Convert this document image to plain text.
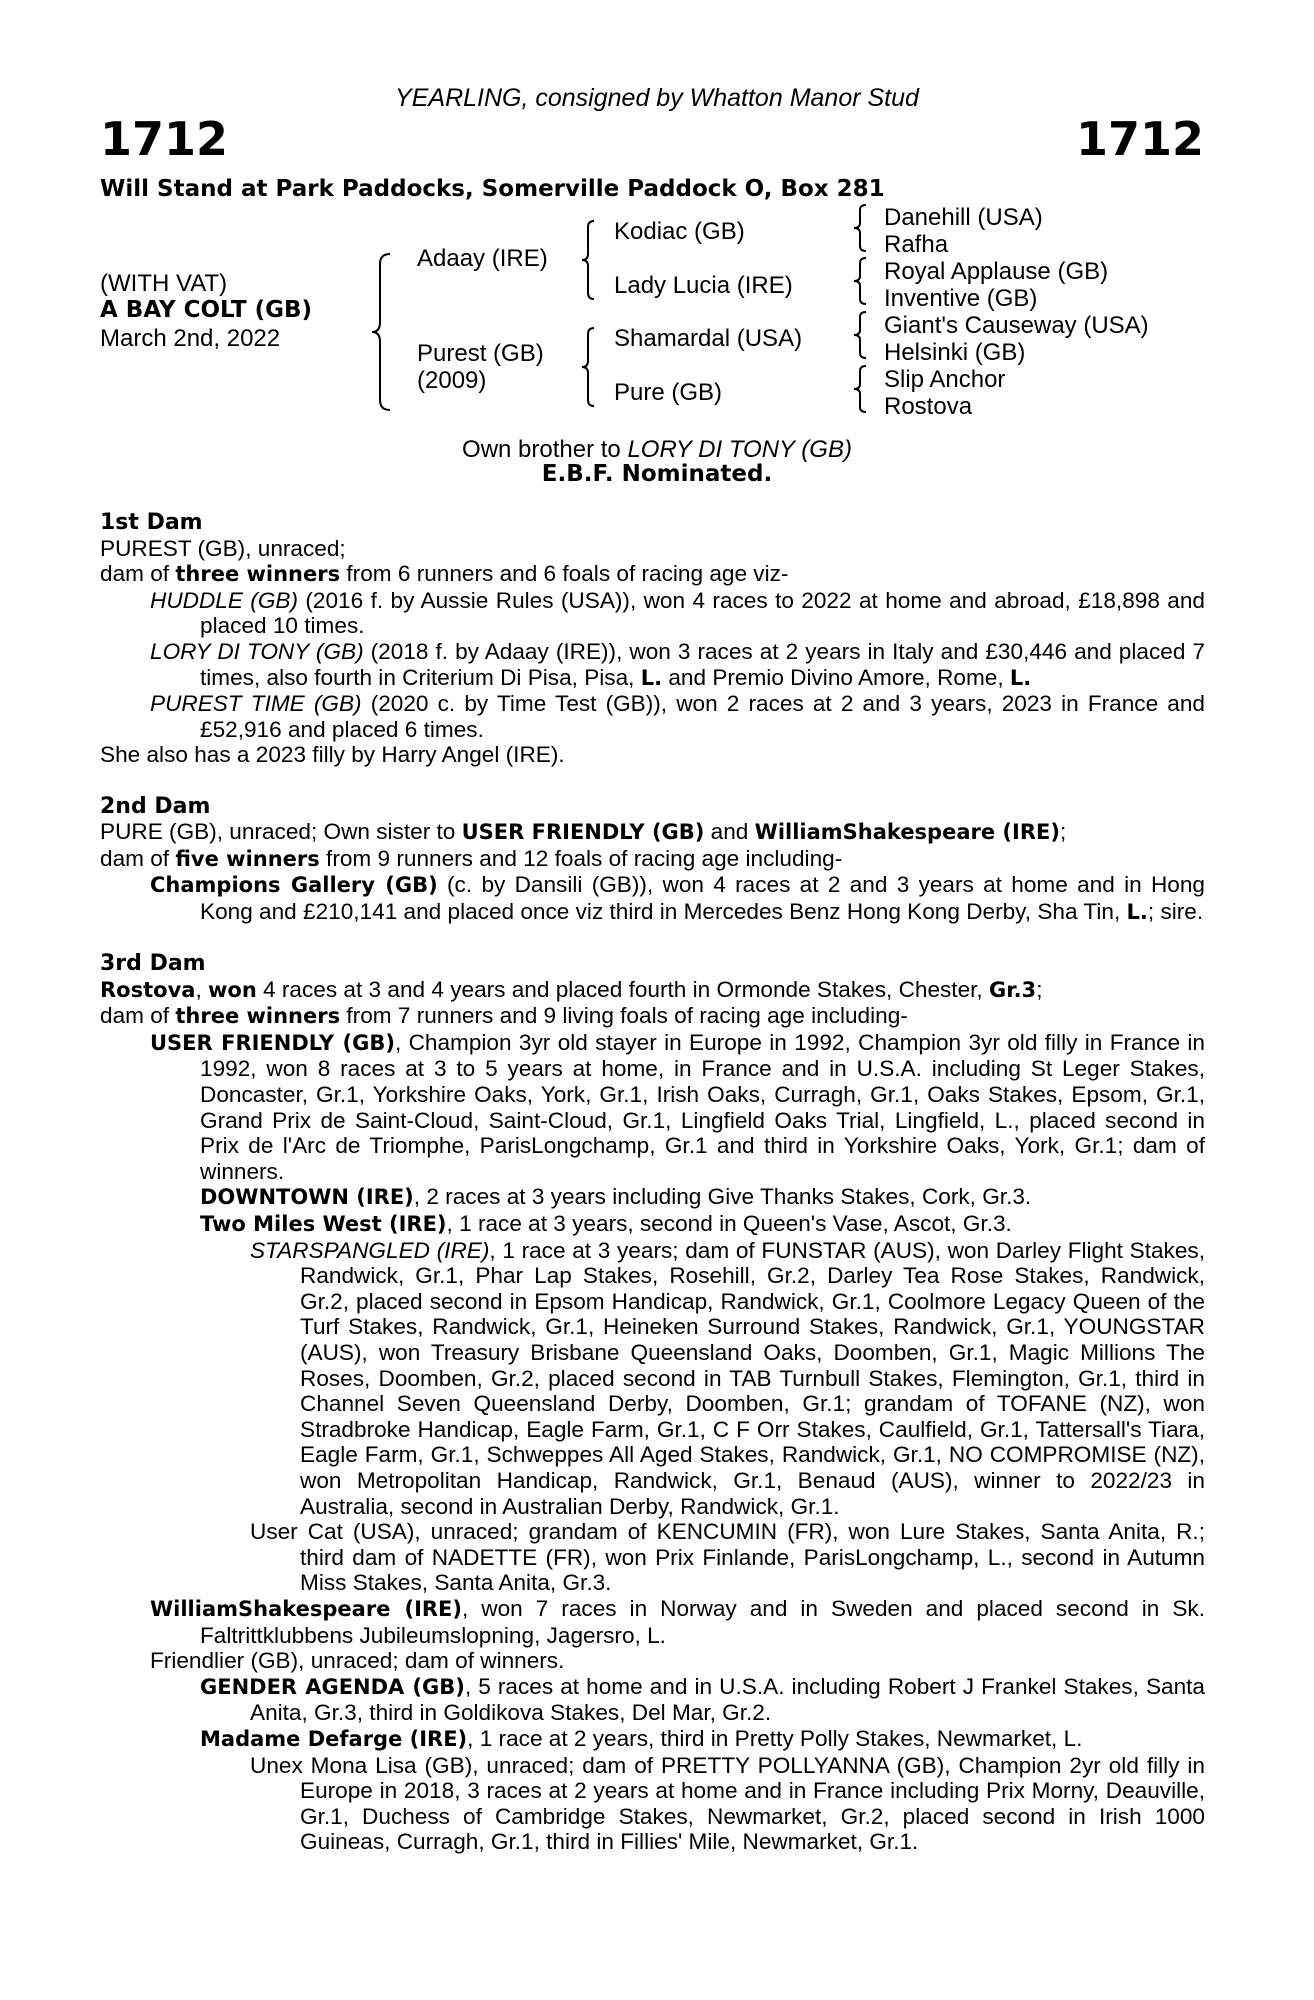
YEARLING, consigned by Whatton Manor Stud
1712	1712
Will Stand at Park Paddocks, Somerville Paddock O, Box 281
(WITH VAT)
A BAY COLT (GB)
March 2nd, 2022
Adaay (IRE)
Purest (GB)
(2009)
Kodiac (GB)
Lady Lucia (IRE)
Shamardal (USA)
Pure (GB)
Danehill (USA)
Rafha
Royal Applause (GB)
Inventive (GB)
Giant's Causeway (USA)
Helsinki (GB)
Slip Anchor
Rostova
Own brother to LORY DI TONY (GB)
E.B.F. Nominated.

1st Dam

PUREST (GB), unraced;

dam of three winners from 6 runners and 6 foals of racing age viz-

HUDDLE (GB) (2016 f. by Aussie Rules (USA)), won 4 races to 2022 at home and abroad, £18,898 and placed 10 times.

LORY DI TONY (GB) (2018 f. by Adaay (IRE)), won 3 races at 2 years in Italy and £30,446 and placed 7 times, also fourth in Criterium Di Pisa, Pisa, L. and Premio Divino Amore, Rome, L.

PUREST TIME (GB) (2020 c. by Time Test (GB)), won 2 races at 2 and 3 years, 2023 in France and £52,916 and placed 6 times.

She also has a 2023 filly by Harry Angel (IRE).

2nd Dam

PURE (GB), unraced; Own sister to USER FRIENDLY (GB) and WilliamShakespeare (IRE);

dam of five winners from 9 runners and 12 foals of racing age including-

Champions Gallery (GB) (c. by Dansili (GB)), won 4 races at 2 and 3 years at home and in Hong Kong and £210,141 and placed once viz third in Mercedes Benz Hong Kong Derby, Sha Tin, L.; sire.

3rd Dam

Rostova, won 4 races at 3 and 4 years and placed fourth in Ormonde Stakes, Chester, Gr.3;

dam of three winners from 7 runners and 9 living foals of racing age including-

USER FRIENDLY (GB), Champion 3yr old stayer in Europe in 1992, Champion 3yr old filly in France in 1992, won 8 races at 3 to 5 years at home, in France and in U.S.A. including St Leger Stakes, Doncaster, Gr.1, Yorkshire Oaks, York, Gr.1, Irish Oaks, Curragh, Gr.1, Oaks Stakes, Epsom, Gr.1, Grand Prix de Saint-Cloud, Saint-Cloud, Gr.1, Lingfield Oaks Trial, Lingfield, L., placed second in Prix de l'Arc de Triomphe, ParisLongchamp, Gr.1 and third in Yorkshire Oaks, York, Gr.1; dam of winners.

DOWNTOWN (IRE), 2 races at 3 years including Give Thanks Stakes, Cork, Gr.3.

Two Miles West (IRE), 1 race at 3 years, second in Queen's Vase, Ascot, Gr.3.

STARSPANGLED (IRE), 1 race at 3 years; dam of FUNSTAR (AUS), won Darley Flight Stakes, Randwick, Gr.1, Phar Lap Stakes, Rosehill, Gr.2, Darley Tea Rose Stakes, Randwick, Gr.2, placed second in Epsom Handicap, Randwick, Gr.1, Coolmore Legacy Queen of the Turf Stakes, Randwick, Gr.1, Heineken Surround Stakes, Randwick, Gr.1, YOUNGSTAR (AUS), won Treasury Brisbane Queensland Oaks, Doomben, Gr.1, Magic Millions The Roses, Doomben, Gr.2, placed second in TAB Turnbull Stakes, Flemington, Gr.1, third in Channel Seven Queensland Derby, Doomben, Gr.1; grandam of TOFANE (NZ), won Stradbroke Handicap, Eagle Farm, Gr.1, C F Orr Stakes, Caulfield, Gr.1, Tattersall's Tiara, Eagle Farm, Gr.1, Schweppes All Aged Stakes, Randwick, Gr.1, NO COMPROMISE (NZ), won Metropolitan Handicap, Randwick, Gr.1, Benaud (AUS), winner to 2022/23 in Australia, second in Australian Derby, Randwick, Gr.1.

User Cat (USA), unraced; grandam of KENCUMIN (FR), won Lure Stakes, Santa Anita, R.; third dam of NADETTE (FR), won Prix Finlande, ParisLongchamp, L., second in Autumn Miss Stakes, Santa Anita, Gr.3.

WilliamShakespeare (IRE), won 7 races in Norway and in Sweden and placed second in Sk. Faltrittklubbens Jubileumslopning, Jagersro, L.

Friendlier (GB), unraced; dam of winners.

GENDER AGENDA (GB), 5 races at home and in U.S.A. including Robert J Frankel Stakes, Santa Anita, Gr.3, third in Goldikova Stakes, Del Mar, Gr.2.

Madame Defarge (IRE), 1 race at 2 years, third in Pretty Polly Stakes, Newmarket, L.

Unex Mona Lisa (GB), unraced; dam of PRETTY POLLYANNA (GB), Champion 2yr old filly in Europe in 2018, 3 races at 2 years at home and in France including Prix Morny, Deauville, Gr.1, Duchess of Cambridge Stakes, Newmarket, Gr.2, placed second in Irish 1000 Guineas, Curragh, Gr.1, third in Fillies' Mile, Newmarket, Gr.1.
